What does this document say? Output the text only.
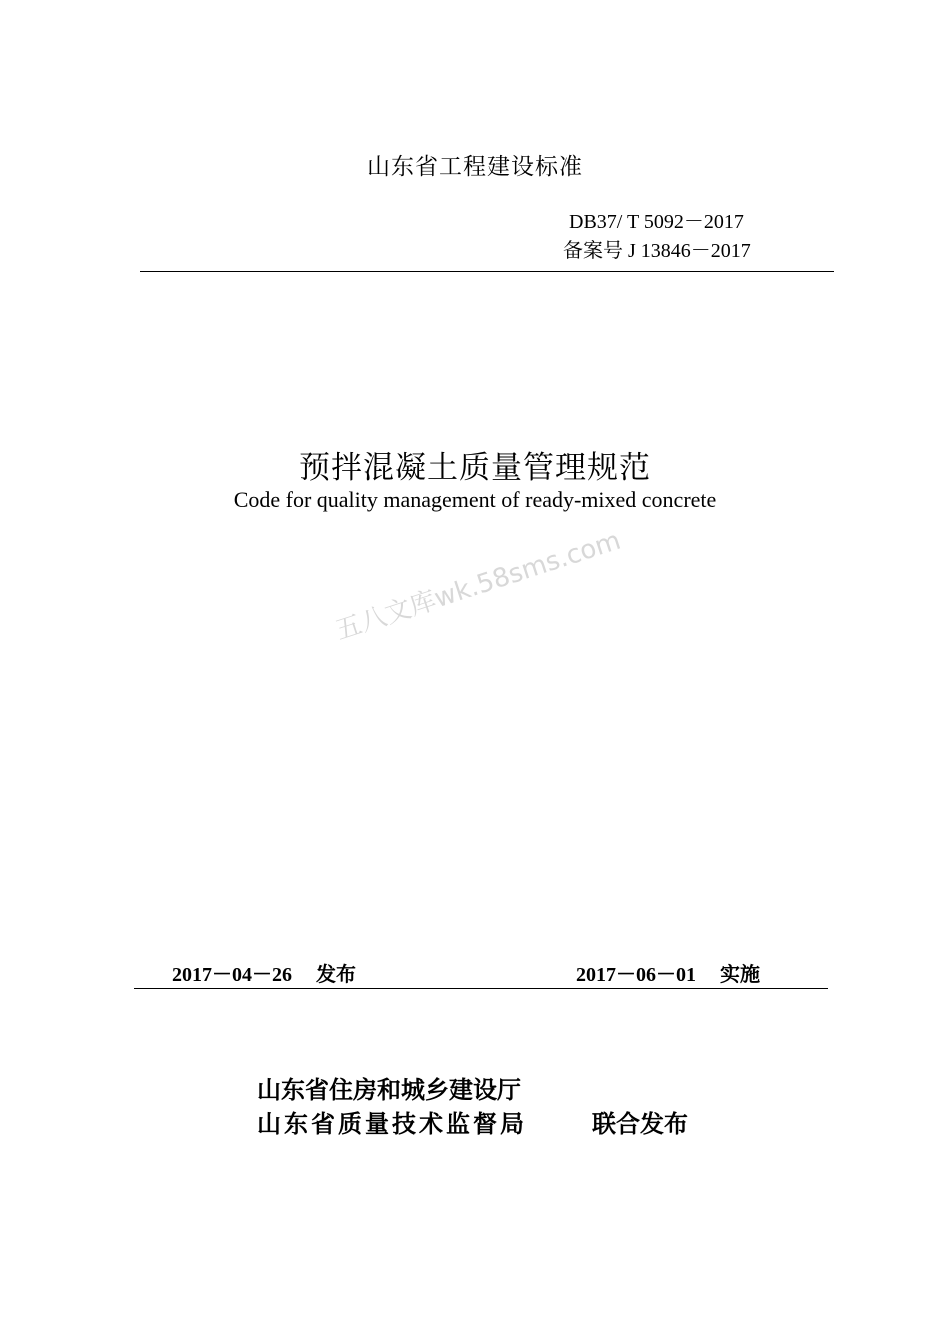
山东省工程建设标准
DB37/ T 5092－2017
备案号 J 13846－2017
预拌混凝土质量管理规范
Code for quality management of ready-mixed concrete
五八文库wk.58sms.com
2017－04－26 发布	2017－06－01 实施
山东省住房和城乡建设厅
山东省质量技术监督局	联合发布
